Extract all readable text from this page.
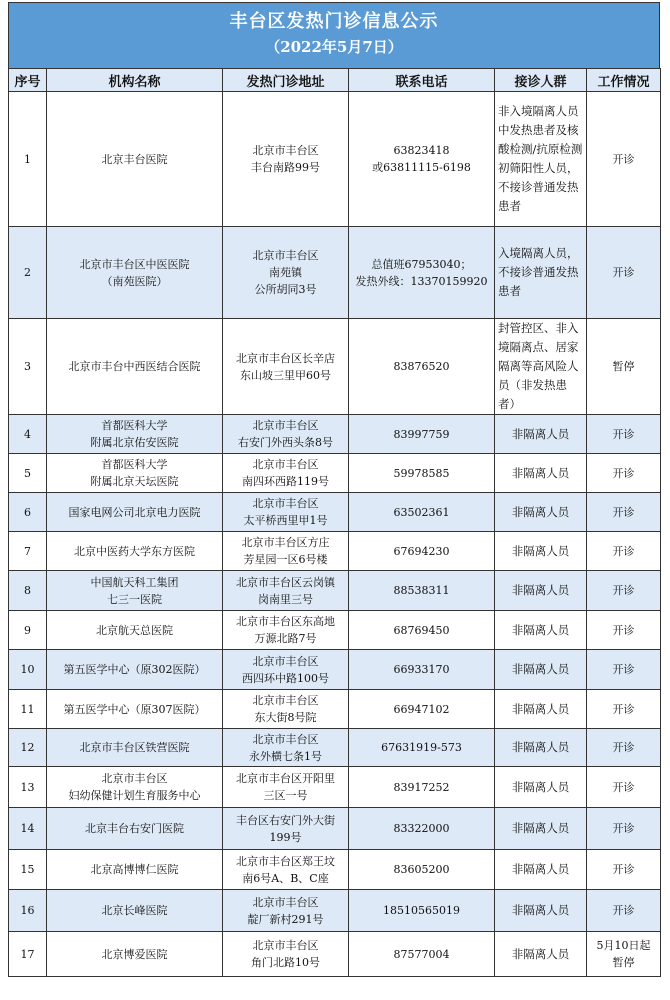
丰台区发热门诊信息公示
（2022年5月7日）
序号	机构名称	发热门诊地址	联系电话	接诊人群	工作情况
1	北京丰台医院	北京市丰台区
丰台南路99号	63823418
或63811115-6198	非入境隔离人员中发热患者及核酸检测/抗原检测初筛阳性人员，不接诊普通发热患者	开诊
2	北京市丰台区中医医院
（南苑医院）	北京市丰台区
南苑镇
公所胡同3号	总值班67953040；
发热外线：13370159920	入境隔离人员，不接诊普通发热患者	开诊
3	北京市丰台中西医结合医院	北京市丰台区长辛店
东山坡三里甲60号	83876520	封管控区、非入境隔离点、居家隔离等高风险人员（非发热患者）	暂停
4	首都医科大学
附属北京佑安医院	北京市丰台区
右安门外西头条8号	83997759	非隔离人员	开诊
5	首都医科大学
附属北京天坛医院	北京市丰台区
南四环西路119号	59978585	非隔离人员	开诊
6	国家电网公司北京电力医院	北京市丰台区
太平桥西里甲1号	63502361	非隔离人员	开诊
7	北京中医药大学东方医院	北京市丰台区方庄
芳星园一区6号楼	67694230	非隔离人员	开诊
8	中国航天科工集团
七三一医院	北京市丰台区云岗镇
岗南里三号	88538311	非隔离人员	开诊
9	北京航天总医院	北京市丰台区东高地
万源北路7号	68769450	非隔离人员	开诊
10	第五医学中心（原302医院）	北京市丰台区
西四环中路100号	66933170	非隔离人员	开诊
11	第五医学中心（原307医院）	北京市丰台区
东大街8号院	66947102	非隔离人员	开诊
12	北京市丰台区铁营医院	北京市丰台区
永外横七条1号	67631919-573	非隔离人员	开诊
13	北京市丰台区
妇幼保健计划生育服务中心	北京市丰台区开阳里
三区一号	83917252	非隔离人员	开诊
14	北京丰台右安门医院	丰台区右安门外大街
199号	83322000	非隔离人员	开诊
15	北京高博博仁医院	北京市丰台区郑王坟
南6号A、B、C座	83605200	非隔离人员	开诊
16	北京长峰医院	北京市丰台区
靛厂新村291号	18510565019	非隔离人员	开诊
17	北京博爱医院	北京市丰台区
角门北路10号	87577004	非隔离人员	5月10日起
暂停
